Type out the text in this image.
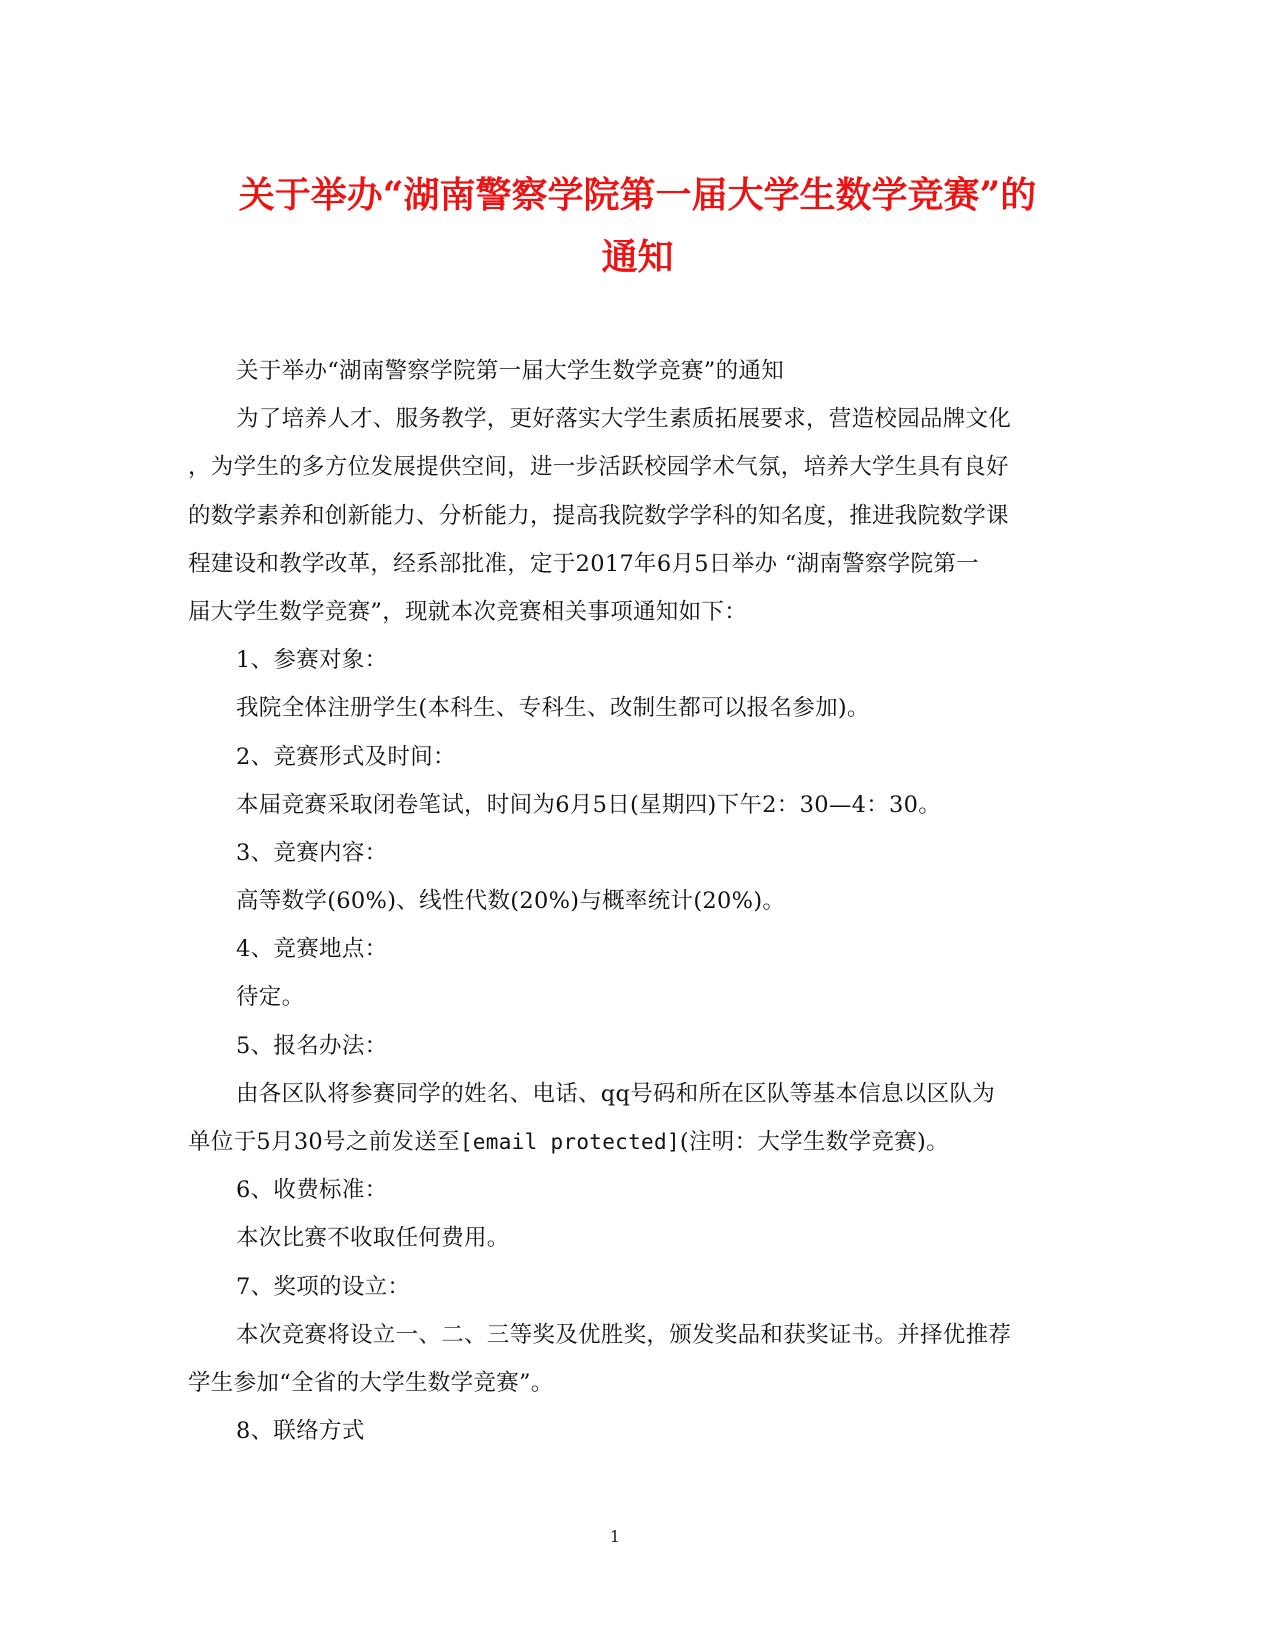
关于举办“湖南警察学院第一届大学生数学竞赛”的
通知
关于举办“湖南警察学院第一届大学生数学竞赛”的通知
为了培养人才、服务教学，更好落实大学生素质拓展要求，营造校园品牌文化
，为学生的多方位发展提供空间，进一步活跃校园学术气氛，培养大学生具有良好
的数学素养和创新能力、分析能力，提高我院数学学科的知名度，推进我院数学课
程建设和教学改革，经系部批准，定于2017年6月5日举办 “湖南警察学院第一
届大学生数学竞赛”，现就本次竞赛相关事项通知如下：
1、参赛对象：
我院全体注册学生(本科生、专科生、改制生都可以报名参加)。
2、竞赛形式及时间：
本届竞赛采取闭卷笔试，时间为6月5日(星期四)下午2：30—4：30。
3、竞赛内容：
高等数学(60%)、线性代数(20%)与概率统计(20%)。
4、竞赛地点：
待定。
5、报名办法：
由各区队将参赛同学的姓名、电话、qq号码和所在区队等基本信息以区队为
单位于5月30号之前发送至[email protected](注明：大学生数学竞赛)。
6、收费标准：
本次比赛不收取任何费用。
7、奖项的设立：
本次竞赛将设立一、二、三等奖及优胜奖，颁发奖品和获奖证书。并择优推荐
学生参加“全省的大学生数学竞赛”。
8、联络方式
1
